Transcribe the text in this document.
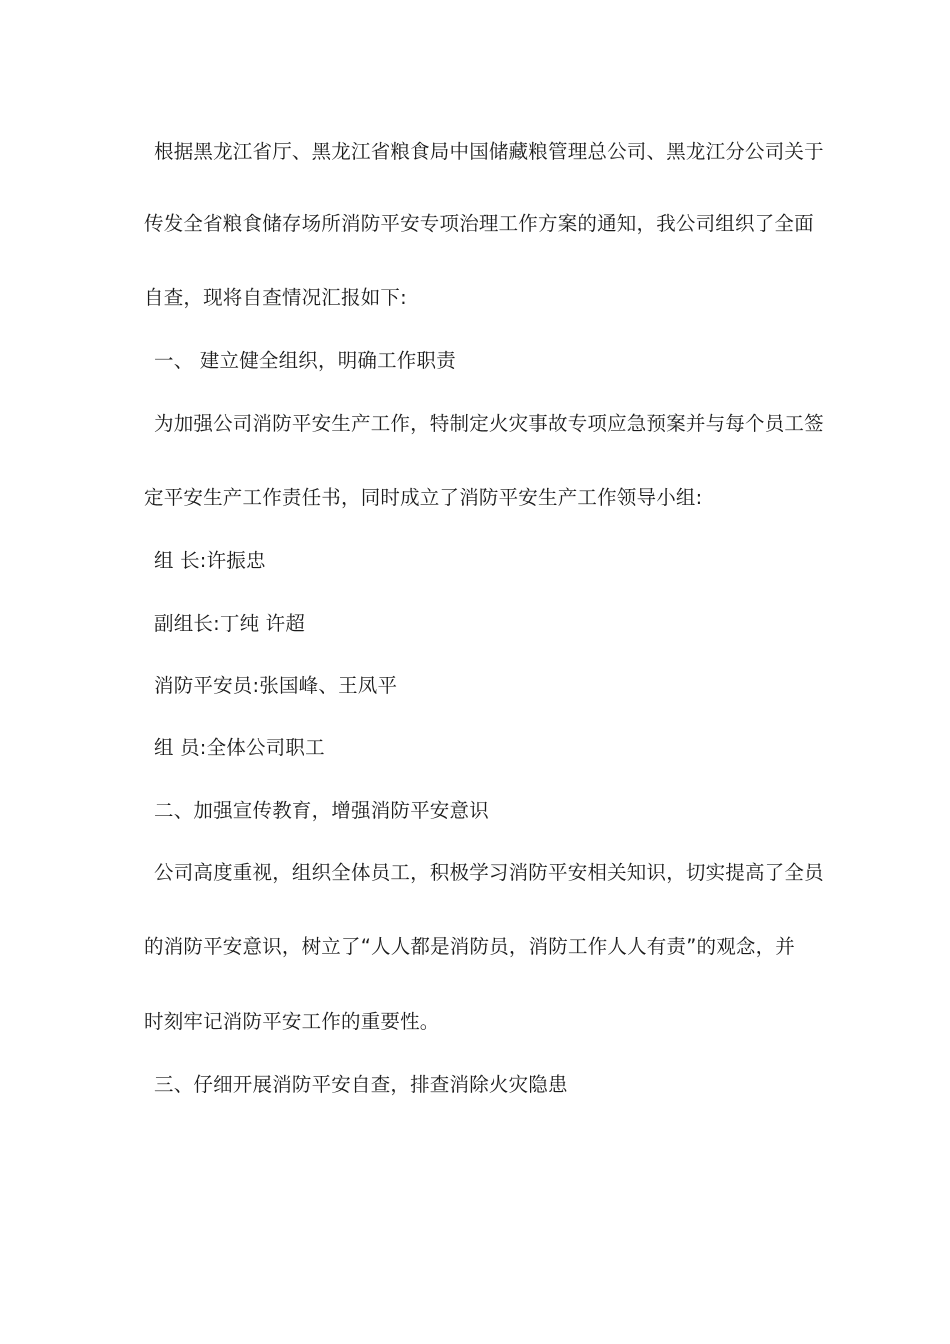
根据黑龙江省厅、黑龙江省粮食局中国储藏粮管理总公司、黑龙江分公司关于
传发全省粮食储存场所消防平安专项治理工作方案的通知，我公司组织了全面
自查，现将自查情况汇报如下:
一、 建立健全组织，明确工作职责
为加强公司消防平安生产工作，特制定火灾事故专项应急预案并与每个员工签
定平安生产工作责任书，同时成立了消防平安生产工作领导小组:
组 长:许振忠
副组长:丁纯 许超
消防平安员:张国峰、王凤平
组 员:全体公司职工
二、加强宣传教育，增强消防平安意识
公司高度重视，组织全体员工，积极学习消防平安相关知识，切实提高了全员
的消防平安意识，树立了“人人都是消防员，消防工作人人有责”的观念，并
时刻牢记消防平安工作的重要性。
三、仔细开展消防平安自查，排查消除火灾隐患
